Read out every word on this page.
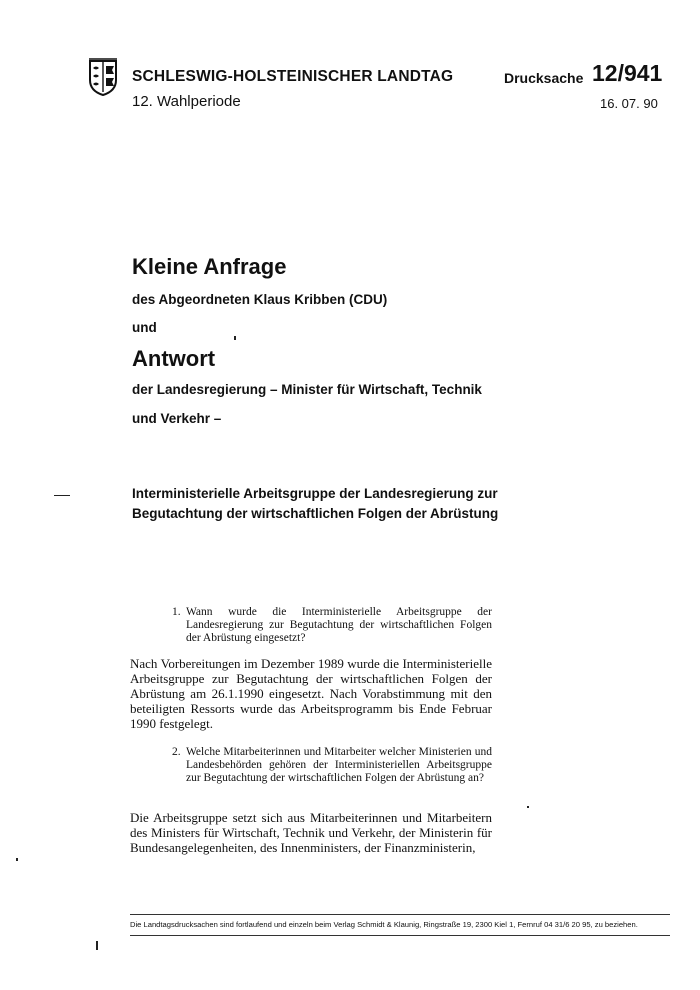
SCHLESWIG-HOLSTEINISCHER LANDTAG
12. Wahlperiode
Drucksache 12/941
16. 07. 90
Kleine Anfrage
des Abgeordneten Klaus Kribben (CDU)
und
Antwort
der Landesregierung – Minister für Wirtschaft, Technik
und Verkehr –
Interministerielle Arbeitsgruppe der Landesregierung zur Begutachtung der wirtschaftlichen Folgen der Abrüstung
1. Wann wurde die Interministerielle Arbeitsgruppe der Landesregierung zur Begutachtung der wirtschaftlichen Folgen der Abrüstung eingesetzt?
Nach Vorbereitungen im Dezember 1989 wurde die Interministerielle Arbeitsgruppe zur Begutachtung der wirtschaftlichen Folgen der Abrüstung am 26.1.1990 eingesetzt. Nach Vorabstimmung mit den beteiligten Ressorts wurde das Arbeitsprogramm bis Ende Februar 1990 festgelegt.
2. Welche Mitarbeiterinnen und Mitarbeiter welcher Ministerien und Landesbehörden gehören der Interministeriellen Arbeitsgruppe zur Begutachtung der wirtschaftlichen Folgen der Abrüstung an?
Die Arbeitsgruppe setzt sich aus Mitarbeiterinnen und Mitarbeitern des Ministers für Wirtschaft, Technik und Verkehr, der Ministerin für Bundesangelegenheiten, des Innenministers, der Finanzministerin,
Die Landtagsdrucksachen sind fortlaufend und einzeln beim Verlag Schmidt & Klaunig, Ringstraße 19, 2300 Kiel 1, Fernruf 04 31/6 20 95, zu beziehen.
